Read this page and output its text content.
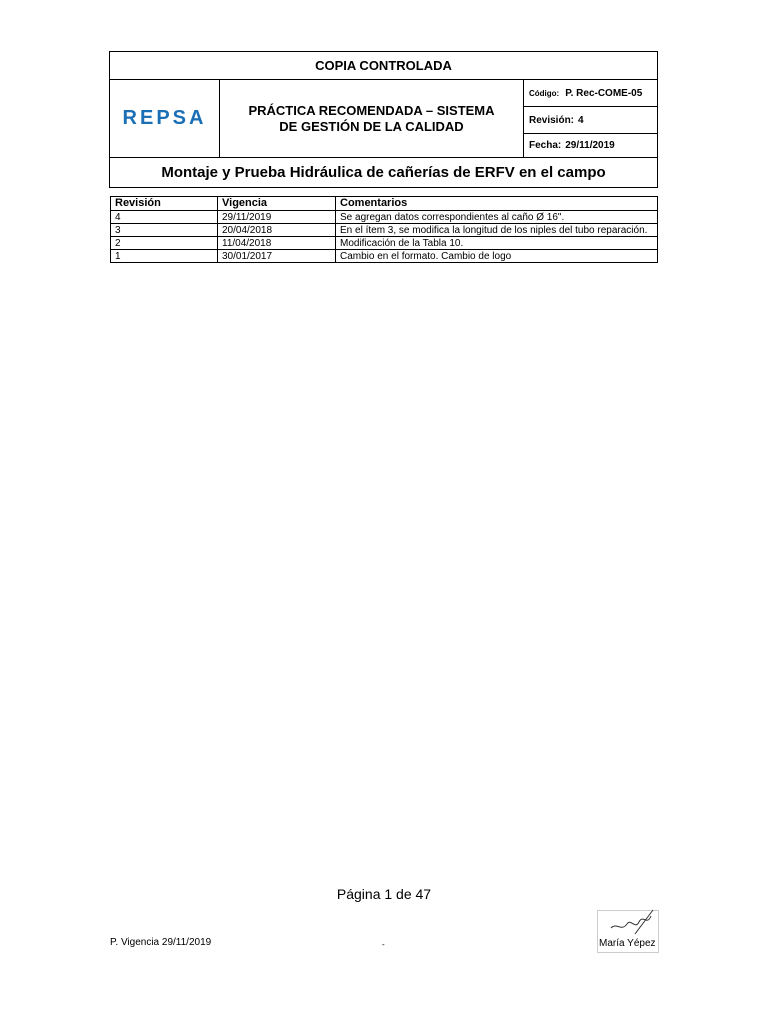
COPIA CONTROLADA
REPSA	PRÁCTICA RECOMENDADA – SISTEMA
DE GESTIÓN DE LA CALIDAD
Código: P. Rec-COME-05
Revisión: 4
Fecha: 29/11/2019
Montaje y Prueba Hidráulica de cañerías de ERFV en el campo
Revisión	Vigencia	Comentarios
4	29/11/2019	Se agregan datos correspondientes al caño Ø 16".
3	20/04/2018	En el ítem 3, se modifica la longitud de los niples del tubo reparación.
2	11/04/2018	Modificación de la Tabla 10.
1	30/01/2017	Cambio en el formato. Cambio de logo
Página 1 de 47
P. Vigencia 29/11/2019	-	María Yépez
